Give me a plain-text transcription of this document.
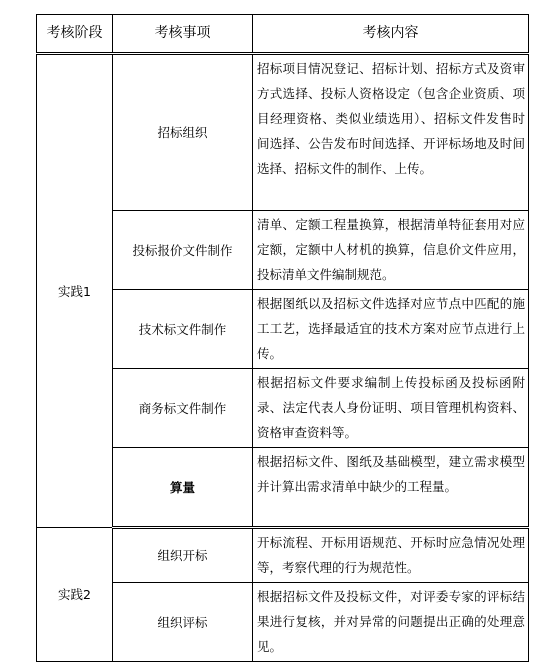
考核阶段	考核事项	考核内容
实践1	招标组织	招标项目情况登记、招标计划、招标方式及资审方式选择、投标人资格设定（包含企业资质、项目经理资格、类似业绩选用）、招标文件发售时间选择、公告发布时间选择、开评标场地及时间选择、招标文件的制作、上传。
	投标报价文件制作	清单、定额工程量换算，根据清单特征套用对应定额，定额中人材机的换算，信息价文件应用，投标清单文件编制规范。
	技术标文件制作	根据图纸以及招标文件选择对应节点中匹配的施工工艺，选择最适宜的技术方案对应节点进行上传。
	商务标文件制作	根据招标文件要求编制上传投标函及投标函附录、法定代表人身份证明、项目管理机构资料、资格审查资料等。
	算量	根据招标文件、图纸及基础模型，建立需求模型并计算出需求清单中缺少的工程量。
实践2	组织开标	开标流程、开标用语规范、开标时应急情况处理等，考察代理的行为规范性。
	组织评标	根据招标文件及投标文件，对评委专家的评标结果进行复核，并对异常的问题提出正确的处理意见。
